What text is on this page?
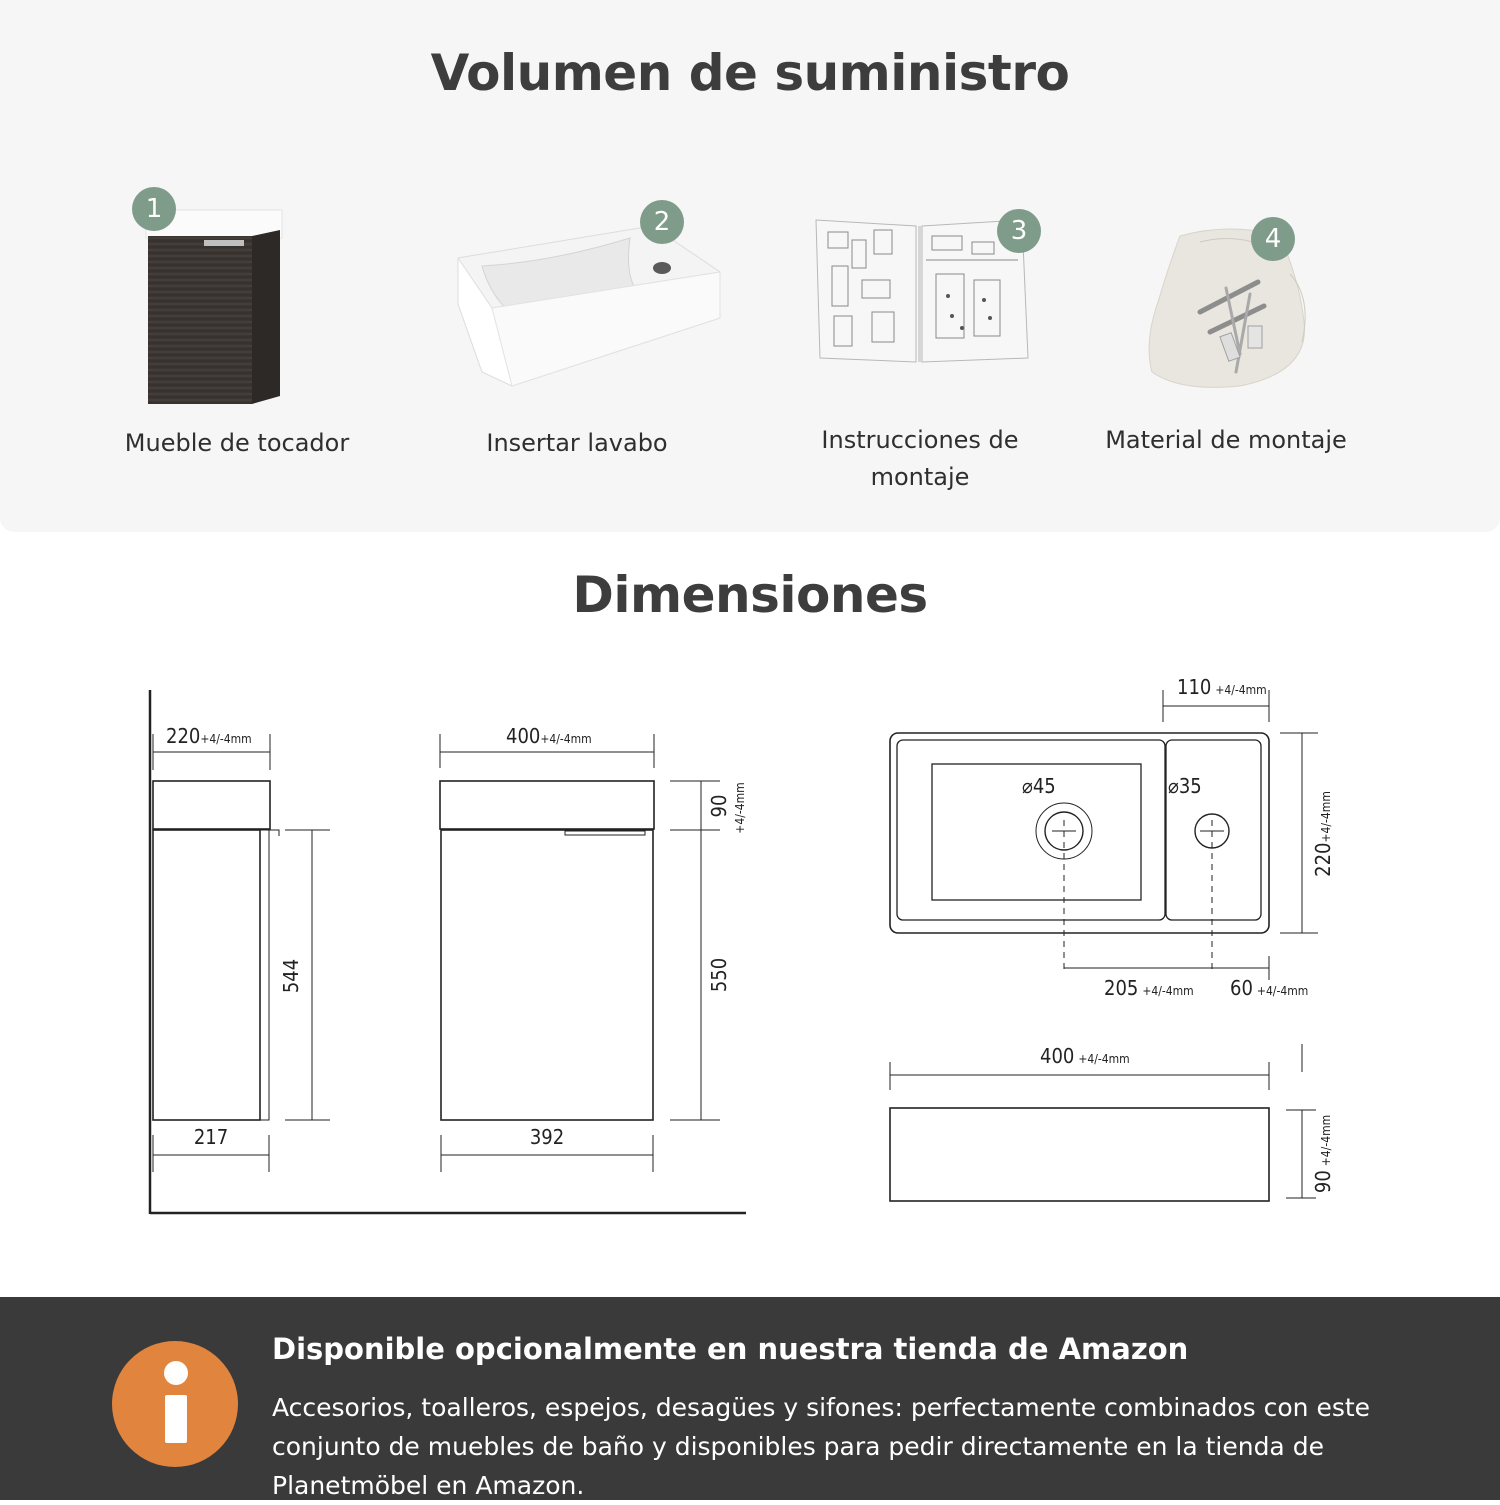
Volumen de suministro
1
Mueble de tocador
2
Insertar lavabo
3
Instrucciones de montaje
4
Material de montaje
Dimensiones
220+4/-4mm
544
217
400+4/-4mm
90 +4/-4mm
550
392
110 +4/-4mm
220+4/-4mm
⌀45	⌀35
205 +4/-4mm 60 +4/-4mm
400 +4/-4mm
90+4/-4mm
Disponible opcionalmente en nuestra tienda de Amazon
Accesorios, toalleros, espejos, desagües y sifones: perfectamente combinados con este conjunto de muebles de baño y disponibles para pedir directamente en la tienda de Planetmöbel en Amazon.
